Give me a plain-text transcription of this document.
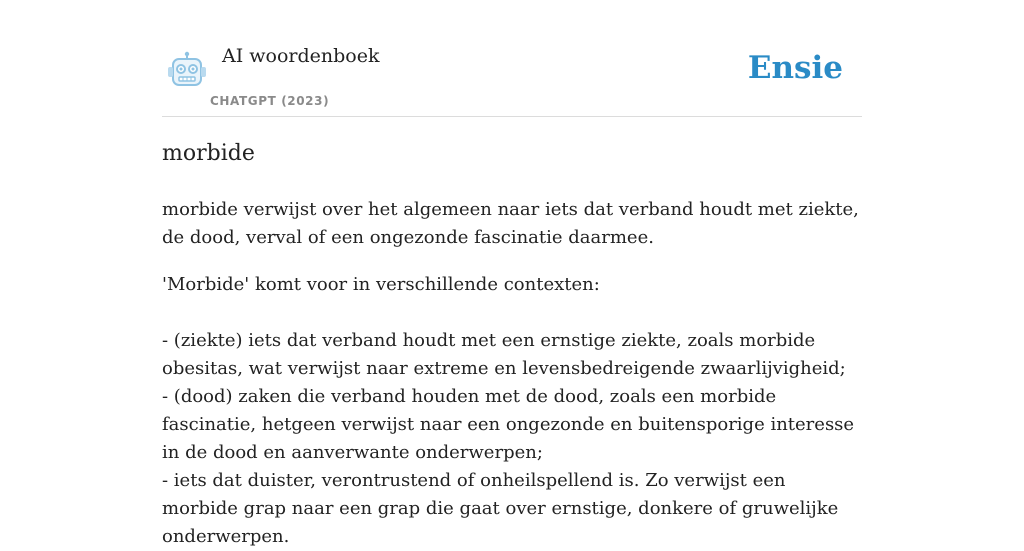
AI woordenboek
CHATGPT (2023)
Ensie
morbide

morbide verwijst over het algemeen naar iets dat verband houdt met ziekte, de dood, verval of een ongezonde fascinatie daarmee.

'Morbide' komt voor in verschillende contexten:

- (ziekte) iets dat verband houdt met een ernstige ziekte, zoals morbide obesitas, wat verwijst naar extreme en levensbedreigende zwaarlijvigheid;
- (dood) zaken die verband houden met de dood, zoals een morbide fascinatie, hetgeen verwijst naar een ongezonde en buitensporige interesse in de dood en aanverwante onderwerpen;
- iets dat duister, verontrustend of onheilspellend is. Zo verwijst een morbide grap naar een grap die gaat over ernstige, donkere of gruwelijke onderwerpen.
